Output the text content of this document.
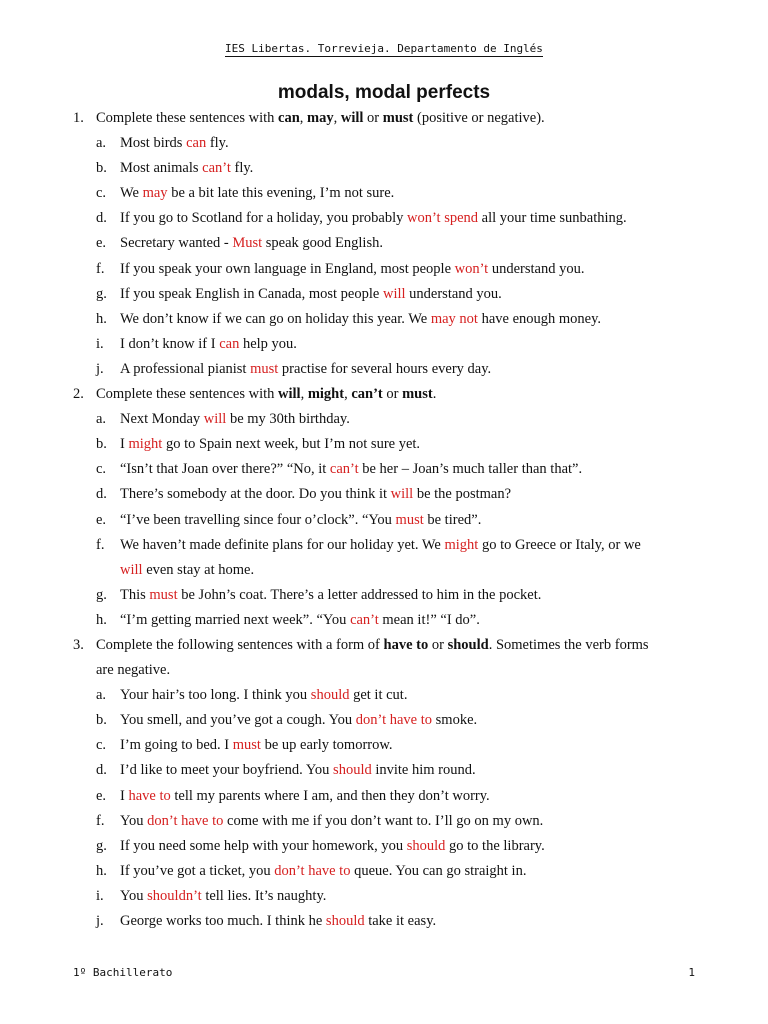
IES Libertas. Torrevieja. Departamento de Inglés
modals, modal perfects
1. Complete these sentences with can, may, will or must (positive or negative).
a. Most birds can fly.
b. Most animals can’t fly.
c. We may be a bit late this evening, I’m not sure.
d. If you go to Scotland for a holiday, you probably won’t spend all your time sunbathing.
e. Secretary wanted - Must speak good English.
f. If you speak your own language in England, most people won’t understand you.
g. If you speak English in Canada, most people will understand you.
h. We don’t know if we can go on holiday this year. We may not have enough money.
i. I don’t know if I can help you.
j. A professional pianist must practise for several hours every day.
2. Complete these sentences with will, might, can’t or must.
a. Next Monday will be my 30th birthday.
b. I might go to Spain next week, but I’m not sure yet.
c. “Isn’t that Joan over there?” “No, it can’t be her – Joan’s much taller than that”.
d. There’s somebody at the door. Do you think it will be the postman?
e. “I’ve been travelling since four o’clock”. “You must be tired”.
f. We haven’t made definite plans for our holiday yet. We might go to Greece or Italy, or we
will even stay at home.
g. This must be John’s coat. There’s a letter addressed to him in the pocket.
h. “I’m getting married next week”. “You can’t mean it!” “I do”.
3. Complete the following sentences with a form of have to or should. Sometimes the verb forms
are negative.
a. Your hair’s too long. I think you should get it cut.
b. You smell, and you’ve got a cough. You don’t have to smoke.
c. I’m going to bed. I must be up early tomorrow.
d. I’d like to meet your boyfriend. You should invite him round.
e. I have to tell my parents where I am, and then they don’t worry.
f. You don’t have to come with me if you don’t want to. I’ll go on my own.
g. If you need some help with your homework, you should go to the library.
h. If you’ve got a ticket, you don’t have to queue. You can go straight in.
i. You shouldn’t tell lies. It’s naughty.
j. George works too much. I think he should take it easy.
1º Bachillerato	1
